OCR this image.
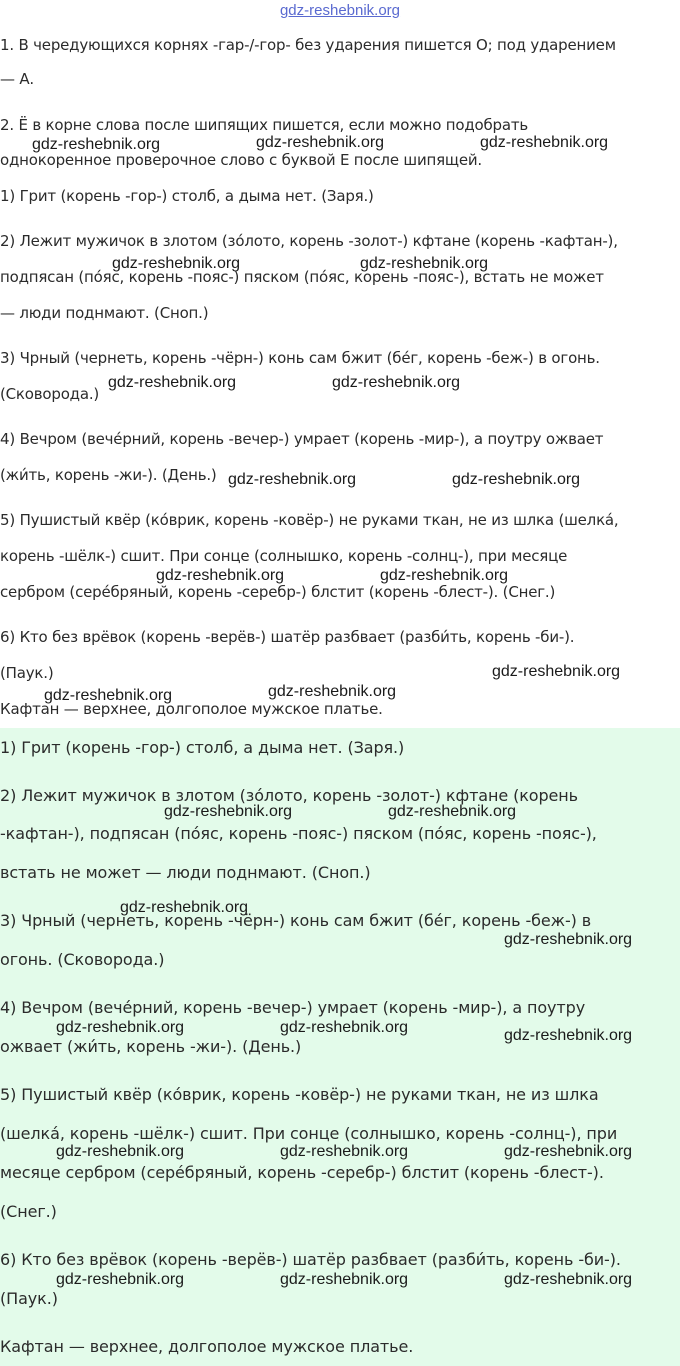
gdz-reshebnik.org
1. В чередующихся корнях -гар-/-гор- без ударения пишется О; под ударением
— А.
2. Ё в корне слова после шипящих пишется, если можно подобрать
однокоренное проверочное слово с буквой Е после шипящей.
1) Грит (корень -гор-) столб, а дыма нет. (Заря.)
2) Лежит мужичок в злотом (зо́лото, корень -золот-) кфтане (корень -кафтан-),
подпясан (по́яс, корень -пояс-) пяском (по́яс, корень -пояс-), встать не может
— люди поднмают. (Сноп.)
3) Чрный (чернеть, корень -чёрн-) конь сам бжит (бе́г, корень -беж-) в огонь.
(Сковорода.)
4) Вечром (вече́рний, корень -вечер-) умрает (корень -мир-), а поутру ожвает
(жи́ть, корень -жи-). (День.)
5) Пушистый квёр (ко́врик, корень -ковёр-) не руками ткан, не из шлка (шелка́,
корень -шёлк-) сшит. При сонце (солнышко, корень -солнц-), при месяце
сербром (серéбряный, корень -серебр-) блстит (корень -блест-). (Снег.)
6) Кто без врёвок (корень -верёв-) шатёр разбвает (разби́ть, корень -би-).
(Паук.)
Кафтан — верхнее, долгополое мужское платье.
1) Грит (корень -гор-) столб, а дыма нет. (Заря.)
2) Лежит мужичок в злотом (зо́лото, корень -золот-) кфтане (корень
-кафтан-), подпясан (по́яс, корень -пояс-) пяском (по́яс, корень -пояс-),
встать не может — люди поднмают. (Сноп.)
3) Чрный (чернеть, корень -чёрн-) конь сам бжит (бе́г, корень -беж-) в
огонь. (Сковорода.)
4) Вечром (вече́рний, корень -вечер-) умрает (корень -мир-), а поутру
ожвает (жи́ть, корень -жи-). (День.)
5) Пушистый квёр (ко́врик, корень -ковёр-) не руками ткан, не из шлка
(шелка́, корень -шёлк-) сшит. При сонце (солнышко, корень -солнц-), при
месяце сербром (серéбряный, корень -серебр-) блстит (корень -блест-).
(Снег.)
6) Кто без врёвок (корень -верёв-) шатёр разбвает (разби́ть, корень -би-).
(Паук.)
Кафтан — верхнее, долгополое мужское платье.
gdz-reshebnik.org	gdz-reshebnik.org	gdz-reshebnik.org
gdz-reshebnik.org	gdz-reshebnik.org
gdz-reshebnik.org	gdz-reshebnik.org
gdz-reshebnik.org	gdz-reshebnik.org
gdz-reshebnik.org	gdz-reshebnik.org
gdz-reshebnik.org
gdz-reshebnik.org	gdz-reshebnik.org
gdz-reshebnik.org	gdz-reshebnik.org
gdz-reshebnik.org
gdz-reshebnik.org
gdz-reshebnik.org	gdz-reshebnik.org	gdz-reshebnik.org
gdz-reshebnik.org	gdz-reshebnik.org	gdz-reshebnik.org
gdz-reshebnik.org	gdz-reshebnik.org	gdz-reshebnik.org
